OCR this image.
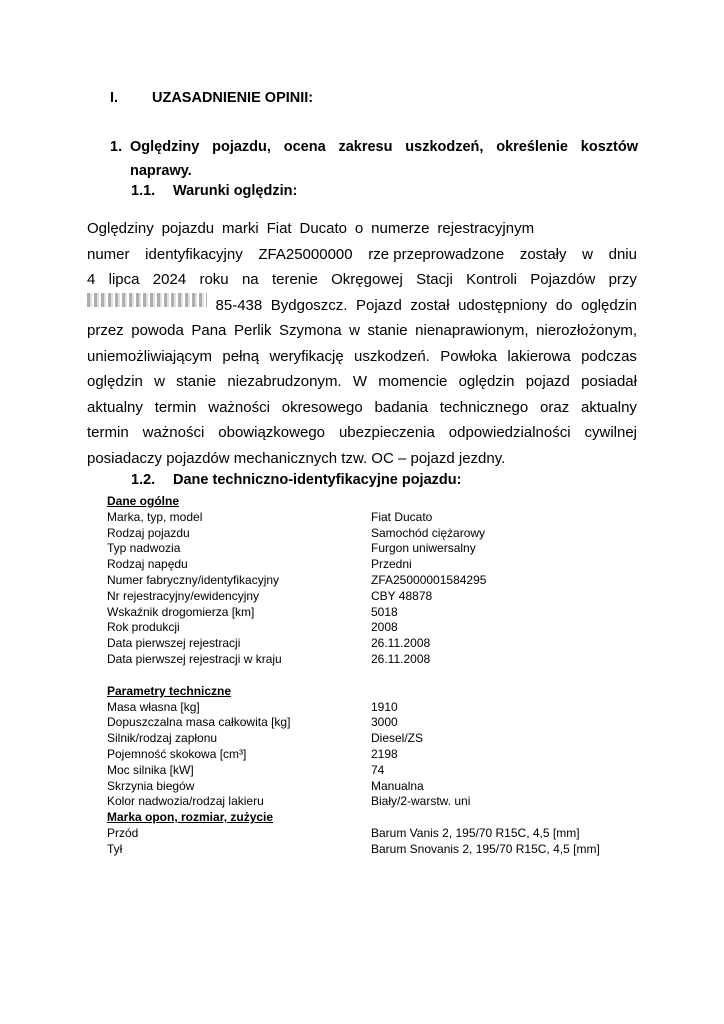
I. UZASADNIENIE OPINII:
1. Oględziny pojazdu, ocena zakresu uszkodzeń, określenie kosztów naprawy.
1.1. Warunki oględzin:
Oględziny pojazdu marki Fiat Ducato o numerze rejestracyjnym
numer identyfikacyjny ZFA25000000 rze przeprowadzone zostały w dniu
4 lipca 2024 roku na terenie Okręgowej Stacji Kontroli Pojazdów przy
85-438 Bydgoszcz. Pojazd został udostępniony do oględzin
przez powoda Pana Perlik Szymona w stanie nienaprawionym, nierozłożonym,
uniemożliwiającym pełną weryfikację uszkodzeń. Powłoka lakierowa podczas
oględzin w stanie niezabrudzonym. W momencie oględzin pojazd posiadał
aktualny termin ważności okresowego badania technicznego oraz aktualny
termin ważności obowiązkowego ubezpieczenia odpowiedzialności cywilnej
posiadaczy pojazdów mechanicznych tzw. OC – pojazd jezdny.
1.2. Dane techniczno-identyfikacyjne pojazdu:
Dane ogólne
Marka, typ, model	Fiat Ducato
Rodzaj pojazdu	Samochód ciężarowy
Typ nadwozia	Furgon uniwersalny
Rodzaj napędu	Przedni
Numer fabryczny/identyfikacyjny	ZFA25000001584295
Nr rejestracyjny/ewidencyjny	CBY 48878
Wskaźnik drogomierza [km]	5018
Rok produkcji	2008
Data pierwszej rejestracji	26.11.2008
Data pierwszej rejestracji w kraju	26.11.2008
Parametry techniczne
Masa własna [kg]	1910
Dopuszczalna masa całkowita [kg]	3000
Silnik/rodzaj zapłonu	Diesel/ZS
Pojemność skokowa [cm³]	2198
Moc silnika [kW]	74
Skrzynia biegów	Manualna
Kolor nadwozia/rodzaj lakieru	Biały/2-warstw. uni
Marka opon, rozmiar, zużycie
Przód	Barum Vanis 2, 195/70 R15C, 4,5 [mm]
Tył	Barum Snovanis 2, 195/70 R15C, 4,5 [mm]
